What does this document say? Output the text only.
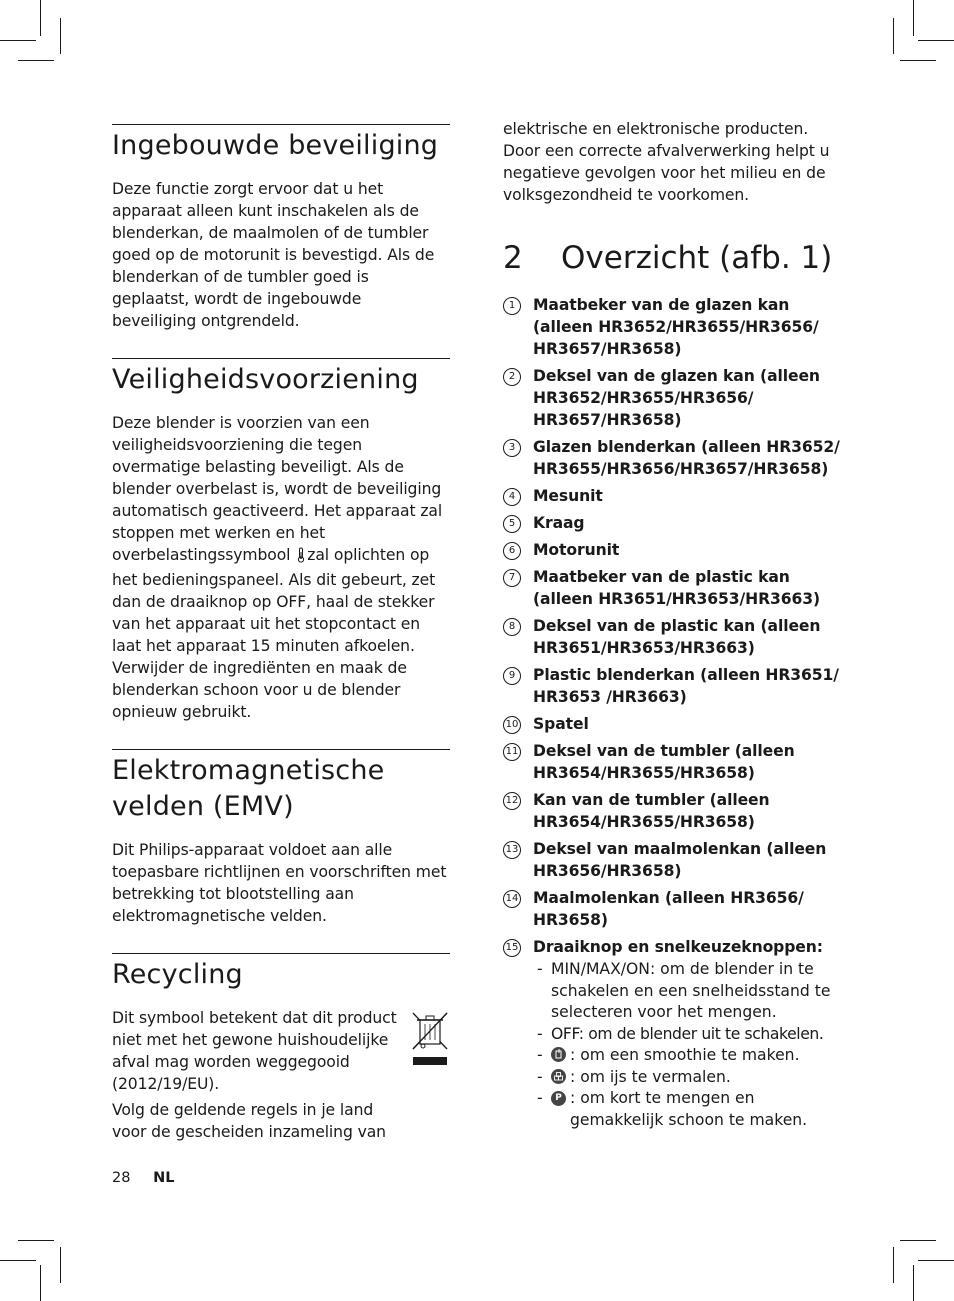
Ingebouwde beveiliging

Deze functie zorgt ervoor dat u het apparaat alleen kunt inschakelen als de blenderkan, de maalmolen of de tumbler goed op de motorunit is bevestigd. Als de blenderkan of de tumbler goed is geplaatst, wordt de ingebouwde beveiliging ontgrendeld.

Veiligheidsvoorziening

Deze blender is voorzien van een veiligheidsvoorziening die tegen overmatige belasting beveiligt. Als de blender overbelast is, wordt de beveiliging automatisch geactiveerd. Het apparaat zal stoppen met werken en het overbelastingssymbool zal oplichten op het bedieningspaneel. Als dit gebeurt, zet dan de draaiknop op OFF, haal de stekker van het apparaat uit het stopcontact en laat het apparaat 15 minuten afkoelen. Verwijder de ingrediënten en maak de blenderkan schoon voor u de blender opnieuw gebruikt.

Elektromagnetische velden (EMV)

Dit Philips-apparaat voldoet aan alle toepasbare richtlijnen en voorschriften met betrekking tot blootstelling aan elektromagnetische velden.

Recycling

Dit symbool betekent dat dit product niet met het gewone huishoudelijke afval mag worden weggegooid (2012/19/EU).

Volg de geldende regels in je land voor de gescheiden inzameling van

elektrische en elektronische producten. Door een correcte afvalverwerking helpt u negatieve gevolgen voor het milieu en de volksgezondheid te voorkomen.

2	Overzicht (afb. 1)
1	Maatbeker van de glazen kan (alleen HR3652/HR3655/HR3656/ HR3657/HR3658)
2	Deksel van de glazen kan (alleen HR3652/HR3655/HR3656/ HR3657/HR3658)
3	Glazen blenderkan (alleen HR3652/ HR3655/HR3656/HR3657/HR3658)
4	Mesunit
5	Kraag
6	Motorunit
7	Maatbeker van de plastic kan (alleen HR3651/HR3653/HR3663)
8	Deksel van de plastic kan (alleen HR3651/HR3653/HR3663)
9	Plastic blenderkan (alleen HR3651/ HR3653 /HR3663)
10 Spatel
11 Deksel van de tumbler (alleen HR3654/HR3655/HR3658)
12 Kan van de tumbler (alleen HR3654/HR3655/HR3658)
13 Deksel van maalmolenkan (alleen HR3656/HR3658)
14 Maalmolenkan (alleen HR3656/ HR3658)
15 Draaiknop en snelkeuzeknoppen:
- MIN/MAX/ON: om de blender in te schakelen en een snelheidsstand te selecteren voor het mengen.
- OFF: om de blender uit te schakelen.
-	: om een smoothie te maken.
-	: om ijs te vermalen.
-	P : om kort te mengen en gemakkelijk schoon te maken.
28 NL
